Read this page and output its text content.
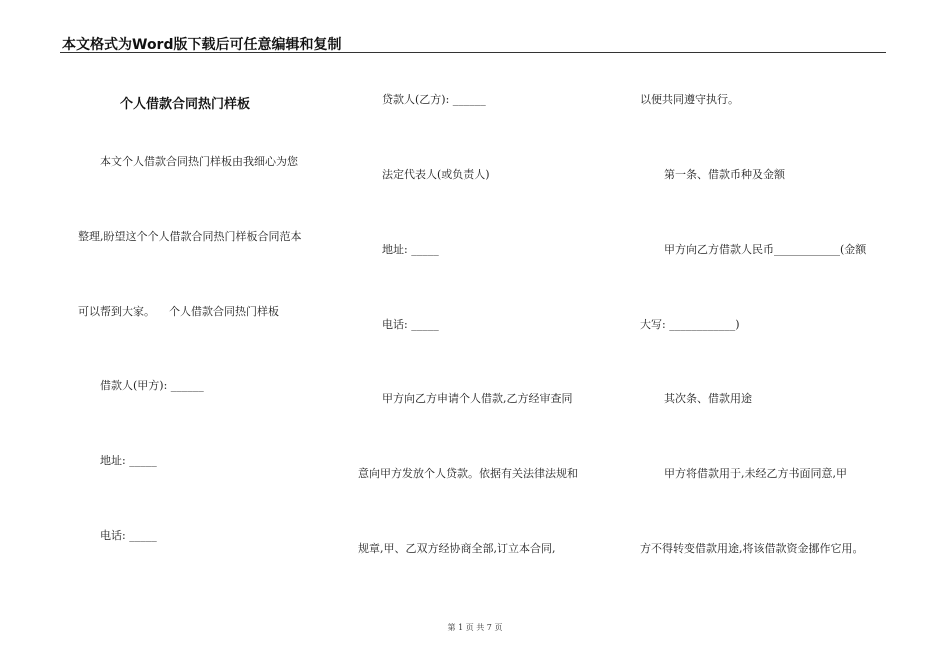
本文格式为Word版下载后可任意编辑和复制
个人借款合同热门样板
本文个人借款合同热门样板由我细心为您
整理,盼望这个个人借款合同热门样板合同范本
可以帮到大家。    个人借款合同热门样板
借款人(甲方): ______
地址: _____
电话: _____
贷款人(乙方): ______
法定代表人(或负责人)
地址: _____
电话: _____
甲方向乙方申请个人借款,乙方经审查同
意向甲方发放个人贷款。依据有关法律法规和
规章,甲、乙双方经协商全部,订立本合同,
以便共同遵守执行。
第一条、借款币种及金额
甲方向乙方借款人民币____________(金额
大写: ____________)
其次条、借款用途
甲方将借款用于,未经乙方书面同意,甲
方不得转变借款用途,将该借款资金挪作它用。
第 1 页 共 7 页
